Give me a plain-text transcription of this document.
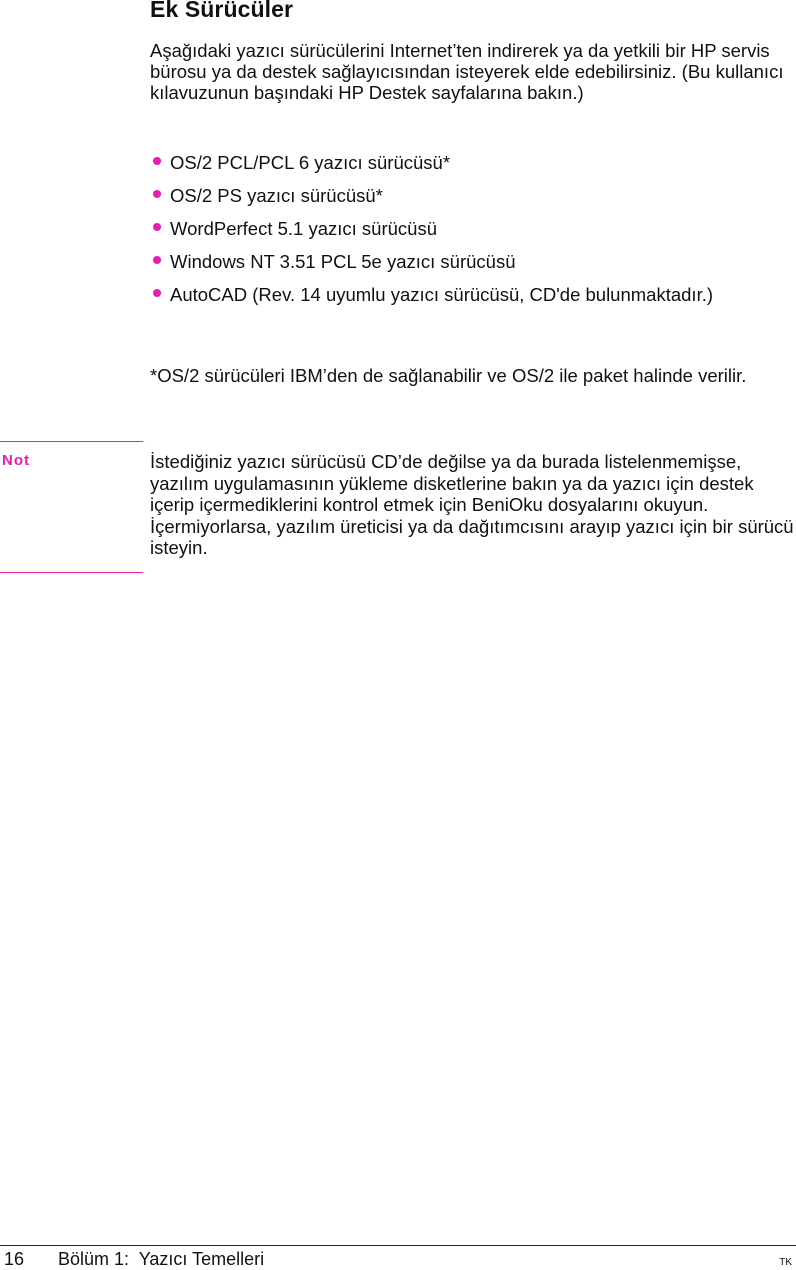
Ek Sürücüler

Aşağıdaki yazıcı sürücülerini Internet’ten indirerek ya da yetkili bir HP servis bürosu ya da destek sağlayıcısından isteyerek elde edebilirsiniz. (Bu kullanıcı kılavuzunun başındaki HP Destek sayfalarına bakın.)

OS/2 PCL/PCL 6 yazıcı sürücüsü*
OS/2 PS yazıcı sürücüsü*
WordPerfect 5.1 yazıcı sürücüsü
Windows NT 3.51 PCL 5e yazıcı sürücüsü
AutoCAD (Rev. 14 uyumlu yazıcı sürücüsü, CD'de bulunmaktadır.)

*OS/2 sürücüleri IBM’den de sağlanabilir ve OS/2 ile paket halinde verilir.

Not	İstediğiniz yazıcı sürücüsü CD’de değilse ya da burada listelenmemişse, yazılım uygulamasının yükleme disketlerine bakın ya da yazıcı için destek içerip içermediklerini kontrol etmek için BeniOku dosyalarını okuyun. İçermiyorlarsa, yazılım üreticisi ya da dağıtımcısını arayıp yazıcı için bir sürücü isteyin.

16 Bölüm 1:  Yazıcı Temelleri	TK
